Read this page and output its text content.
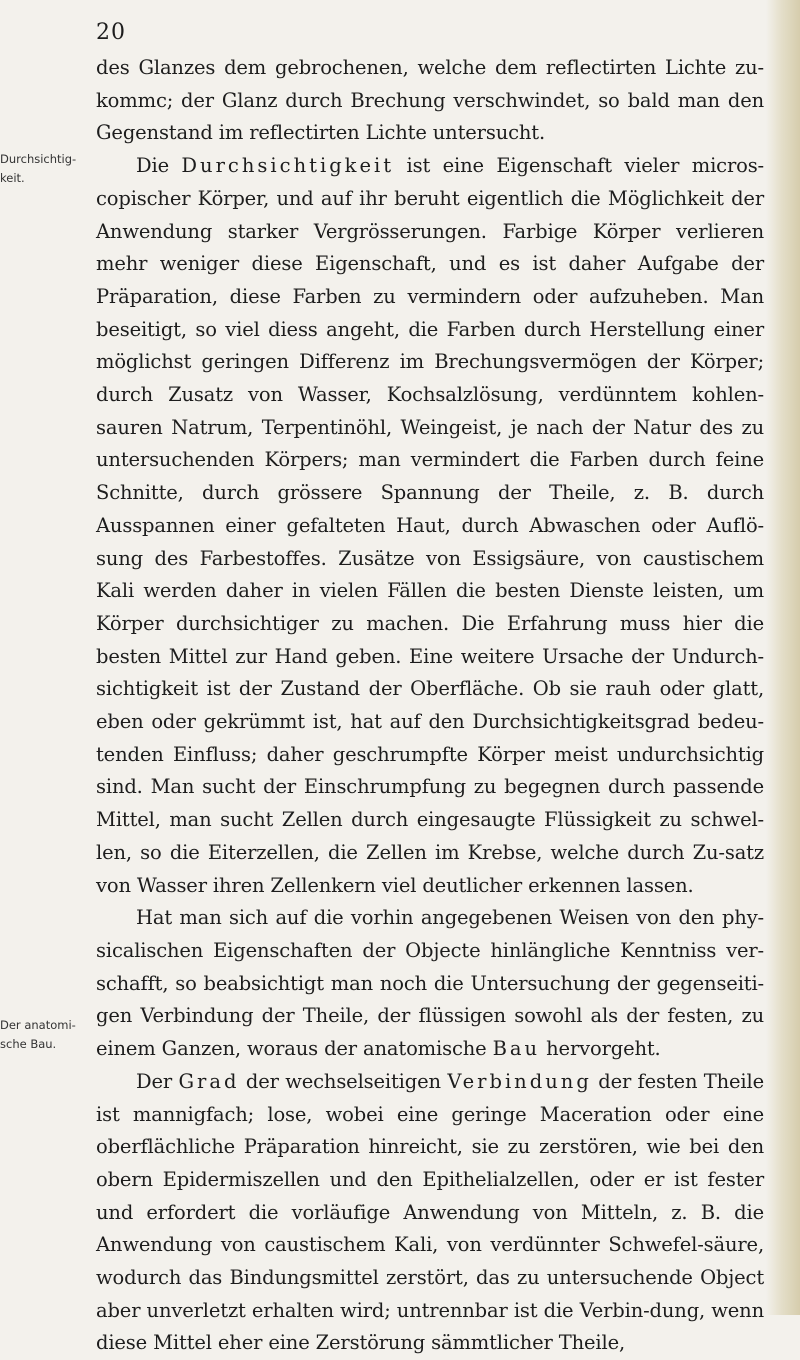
20
Durchsichtig- keit.
Der anatomi- sche Bau.

des Glanzes dem gebrochenen, welche dem reflectirten Lichte zu-kommc; der Glanz durch Brechung verschwindet, so bald man den Gegenstand im reflectirten Lichte untersucht.

Die Durchsichtigkeit ist eine Eigenschaft vieler micros-copischer Körper, und auf ihr beruht eigentlich die Möglichkeit der Anwendung starker Vergrösserungen. Farbige Körper verlieren mehr weniger diese Eigenschaft, und es ist daher Aufgabe der Präparation, diese Farben zu vermindern oder aufzuheben. Man beseitigt, so viel diess angeht, die Farben durch Herstellung einer möglichst geringen Differenz im Brechungsvermögen der Körper; durch Zusatz von Wasser, Kochsalzlösung, verdünntem kohlen-sauren Natrum, Terpentinöhl, Weingeist, je nach der Natur des zu untersuchenden Körpers; man vermindert die Farben durch feine Schnitte, durch grössere Spannung der Theile, z. B. durch Ausspannen einer gefalteten Haut, durch Abwaschen oder Auflö-sung des Farbestoffes. Zusätze von Essigsäure, von caustischem Kali werden daher in vielen Fällen die besten Dienste leisten, um Körper durchsichtiger zu machen. Die Erfahrung muss hier die besten Mittel zur Hand geben. Eine weitere Ursache der Undurch-sichtigkeit ist der Zustand der Oberfläche. Ob sie rauh oder glatt, eben oder gekrümmt ist, hat auf den Durchsichtigkeitsgrad bedeu-tenden Einfluss; daher geschrumpfte Körper meist undurchsichtig sind. Man sucht der Einschrumpfung zu begegnen durch passende Mittel, man sucht Zellen durch eingesaugte Flüssigkeit zu schwel-len, so die Eiterzellen, die Zellen im Krebse, welche durch Zu-satz von Wasser ihren Zellenkern viel deutlicher erkennen lassen.

Hat man sich auf die vorhin angegebenen Weisen von den phy-sicalischen Eigenschaften der Objecte hinlängliche Kenntniss ver-schafft, so beabsichtigt man noch die Untersuchung der gegenseiti-gen Verbindung der Theile, der flüssigen sowohl als der festen, zu einem Ganzen, woraus der anatomische Bau hervorgeht.

Der Grad der wechselseitigen Verbindung der festen Theile ist mannigfach; lose, wobei eine geringe Maceration oder eine oberflächliche Präparation hinreicht, sie zu zerstören, wie bei den obern Epidermiszellen und den Epithelialzellen, oder er ist fester und erfordert die vorläufige Anwendung von Mitteln, z. B. die Anwendung von caustischem Kali, von verdünnter Schwefel-säure, wodurch das Bindungsmittel zerstört, das zu untersuchende Object aber unverletzt erhalten wird; untrennbar ist die Verbin-dung, wenn diese Mittel eher eine Zerstörung sämmtlicher Theile,
